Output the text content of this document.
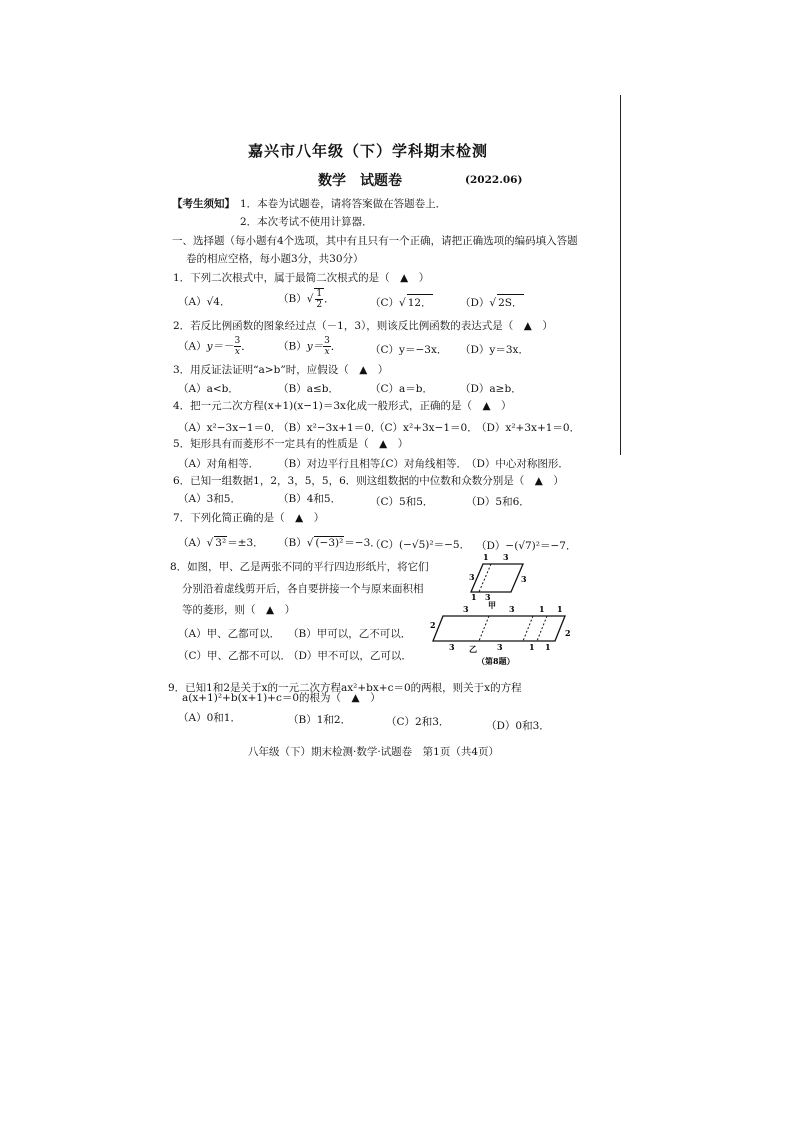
嘉兴市八年级（下）学科期末检测
数学　试题卷	(2022.06)
【考生须知】 1．本卷为试题卷，请将答案做在答题卷上．
2．本次考试不使用计算器．
一、选择题（每小题有4个选项，其中有且只有一个正确，请把正确选项的编码填入答题
卷的相应空格，每小题3分，共30分）
1．下列二次根式中，属于最简二次根式的是（　▲　）
（A）√4．	$(B)√ \frac{1}{2}$ ．	（C）√ 12．	（D）√ 2S．
2．若反比例函数的图象经过点（－1，3），则该反比例函数的表达式是（　▲　）
$(A)y=- \frac{3}{x}$ ． $(B)y= \frac{3}{x}$ ．	（C）y＝−3x． （D）y＝3x．
3．用反证法证明“a>b”时，应假设（　▲　）
（A）a<b．	（B）a≤b．	（C）a＝b．	（D）a≥b．
4．把一元二次方程(x+1)(x−1)＝3x化成一般形式，正确的是（　▲　）
（A）x²−3x−1＝0．
（B）x²−3x+1＝0．
（C）x²+3x−1＝0．
（D）x²+3x+1＝0．
5．矩形具有而菱形不一定具有的性质是（　▲　）
（A）对角相等． （B）对边平行且相等．
（C）对角线相等．
（D）中心对称图形．
6．已知一组数据1，2，3，5，5，6．则这组数据的中位数和众数分别是（　▲　）
（A）3和5．	（B）4和5．	（C）5和5．	（D）5和6．
7．下列化简正确的是（　▲　）
（A）√ 3²＝±3． （B）√ (−3)²＝−3．
（C）(−√5)²＝−5． （D）−(√7)²＝−7．
8．如图，甲、乙是两张不同的平行四边形纸片，将它们
分别沿着虚线剪开后，各自要拼接一个与原来面积相
等的菱形，则（　▲　）
（A）甲、乙都可以． （B）甲可以，乙不可以．
（C）甲、乙都不可以．
（D）甲不可以，乙可以．
1 3
3	3
1 3
甲
3	3	1 1
2
2
3	3	1 1
乙
（第8题）
9．已知1和2是关于x的一元二次方程ax²+bx+c＝0的两根，则关于x的方程
a(x+1)²+b(x+1)+c＝0的根为（　▲　）
（A）0和1．	（B）1和2．	（C）2和3．	（D）0和3．
八年级（下）期末检测·数学·试题卷　第1页（共4页）
